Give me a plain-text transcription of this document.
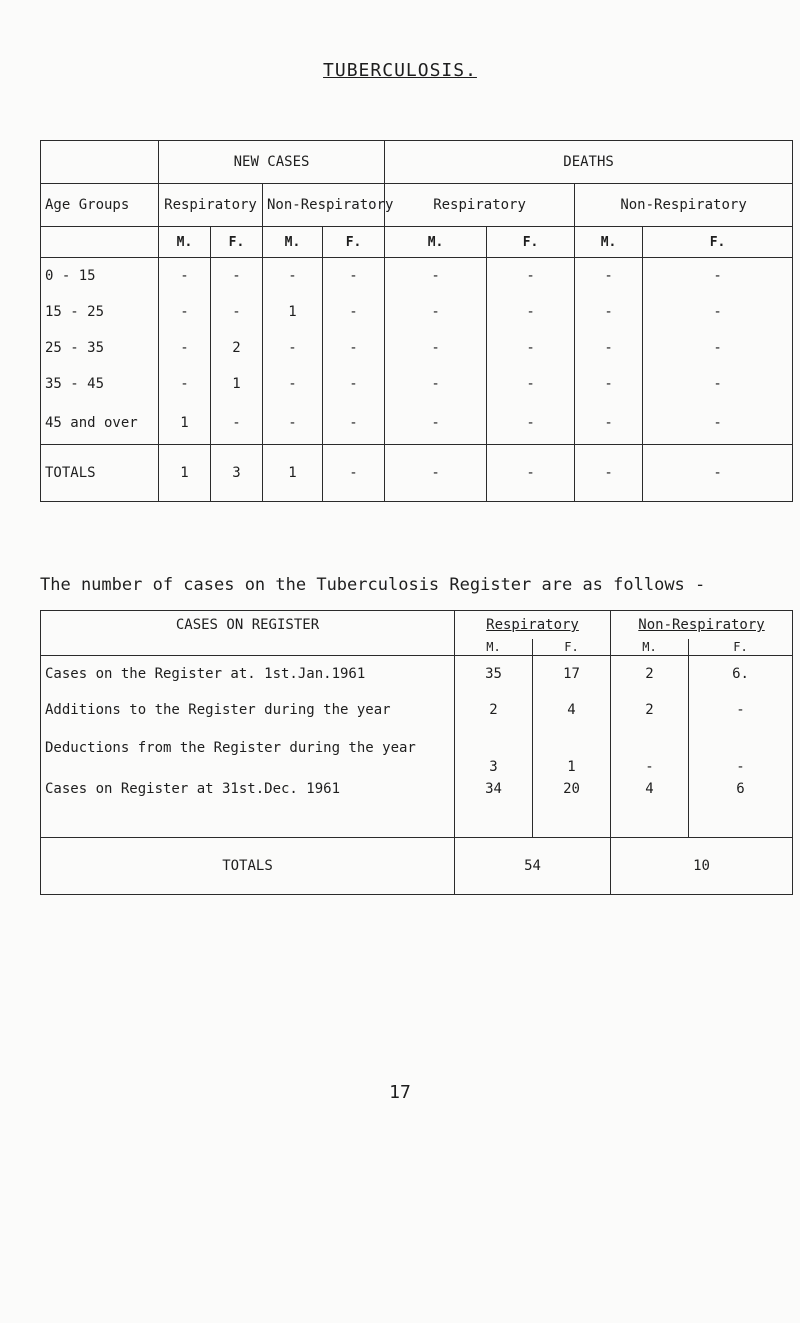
TUBERCULOSIS.
	NEW CASES				DEATHS			
Age Groups	Respiratory		Non-Respiratory		Respiratory		Non-Respiratory	
	M.	F.	M.	F.	M.	F.	M.	F.
0 - 15	-	-	-	-	-	-	-	-
15 - 25	-	-	1	-	-	-	-	-
25 - 35	-	2	-	-	-	-	-	-
35 - 45	-	1	-	-	-	-	-	-
45 and over	1	-	-	-	-	-	-	-
TOTALS	1	3	1	-	-	-	-	-
The number of cases on the Tuberculosis Register are as follows -
CASES ON REGISTER	Respiratory		Non-Respiratory	
	M.	F.	M.	F.
Cases on the Register at. 1st.Jan.1961	35	17	2	6.
Additions to the Register during the year	2	4	2	-
Deductions from the Register during the year	3	1	-	-
Cases on Register at 31st.Dec. 1961	34	20	4	6
TOTALS	54		10	
17
